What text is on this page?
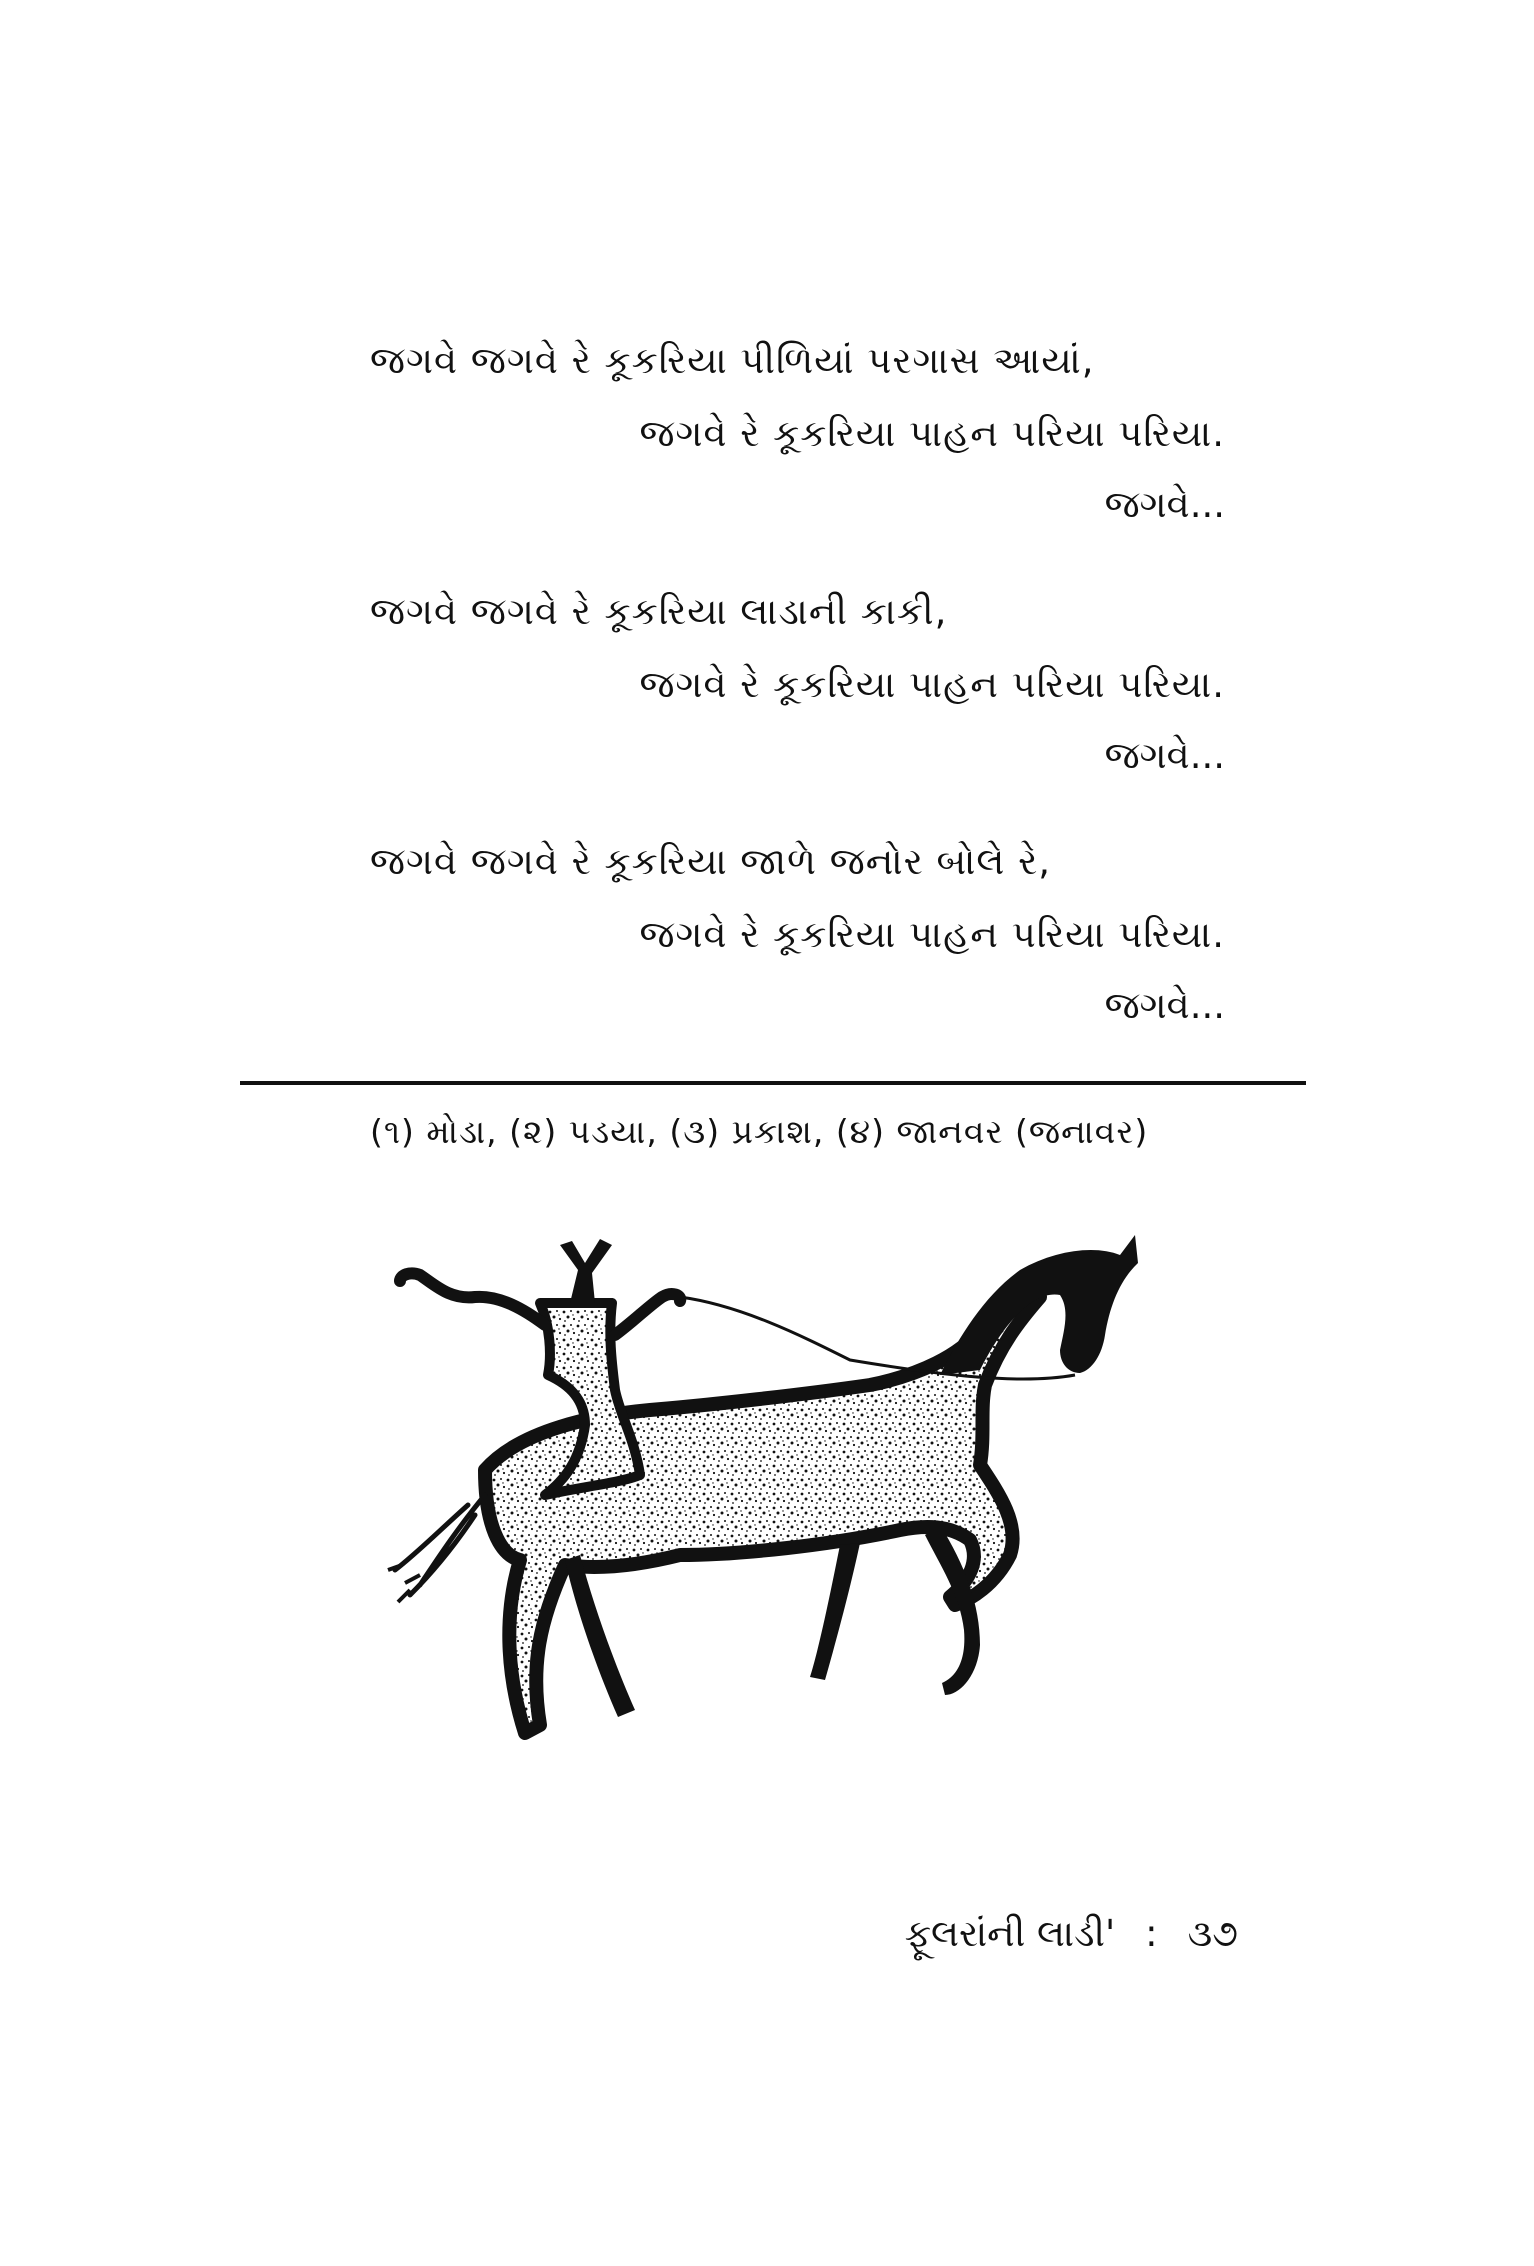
જગવે જગવે રે કૂકરિયા પીળિયાં પરગાસ આયાં,
જગવે રે કૂકરિયા પાહન પરિયા પરિયા.
જગવે...
જગવે જગવે રે કૂકરિયા લાડાની કાકી,
જગવે રે કૂકરિયા પાહન પરિયા પરિયા.
જગવે...
જગવે જગવે રે કૂકરિયા જાળે જનોર બોલે રે,
જગવે રે કૂકરિયા પાહન પરિયા પરિયા.
જગવે...
(૧) મોડા, (૨) પડયા, (૩) પ્રકાશ, (૪) જાનવર (જનાવર)
ફૂલરાંની લાડી' : ૩૭
